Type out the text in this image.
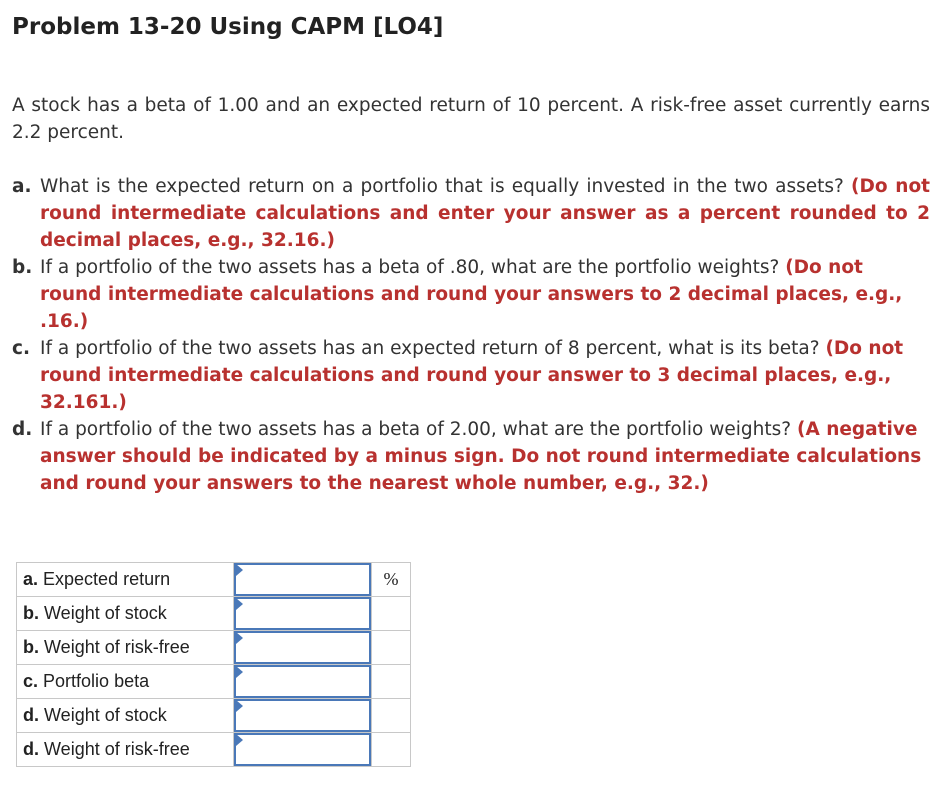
Problem 13-20 Using CAPM [LO4]

A stock has a beta of 1.00 and an expected return of 10 percent. A risk-free asset currently earns 2.2 percent.

a. What is the expected return on a portfolio that is equally invested in the two assets? (Do not round intermediate calculations and enter your answer as a percent rounded to 2 decimal places, e.g., 32.16.)
b. If a portfolio of the two assets has a beta of .80, what are the portfolio weights? (Do not round intermediate calculations and round your answers to 2 decimal places, e.g., .16.)
c. If a portfolio of the two assets has an expected return of 8 percent, what is its beta? (Do not round intermediate calculations and round your answer to 3 decimal places, e.g., 32.161.)
d. If a portfolio of the two assets has a beta of 2.00, what are the portfolio weights? (A negative answer should be indicated by a minus sign. Do not round intermediate calculations and round your answers to the nearest whole number, e.g., 32.)
a. Expected return		%
b. Weight of stock	

b. Weight of risk-free	

c. Portfolio beta	

d. Weight of stock	

d. Weight of risk-free	
